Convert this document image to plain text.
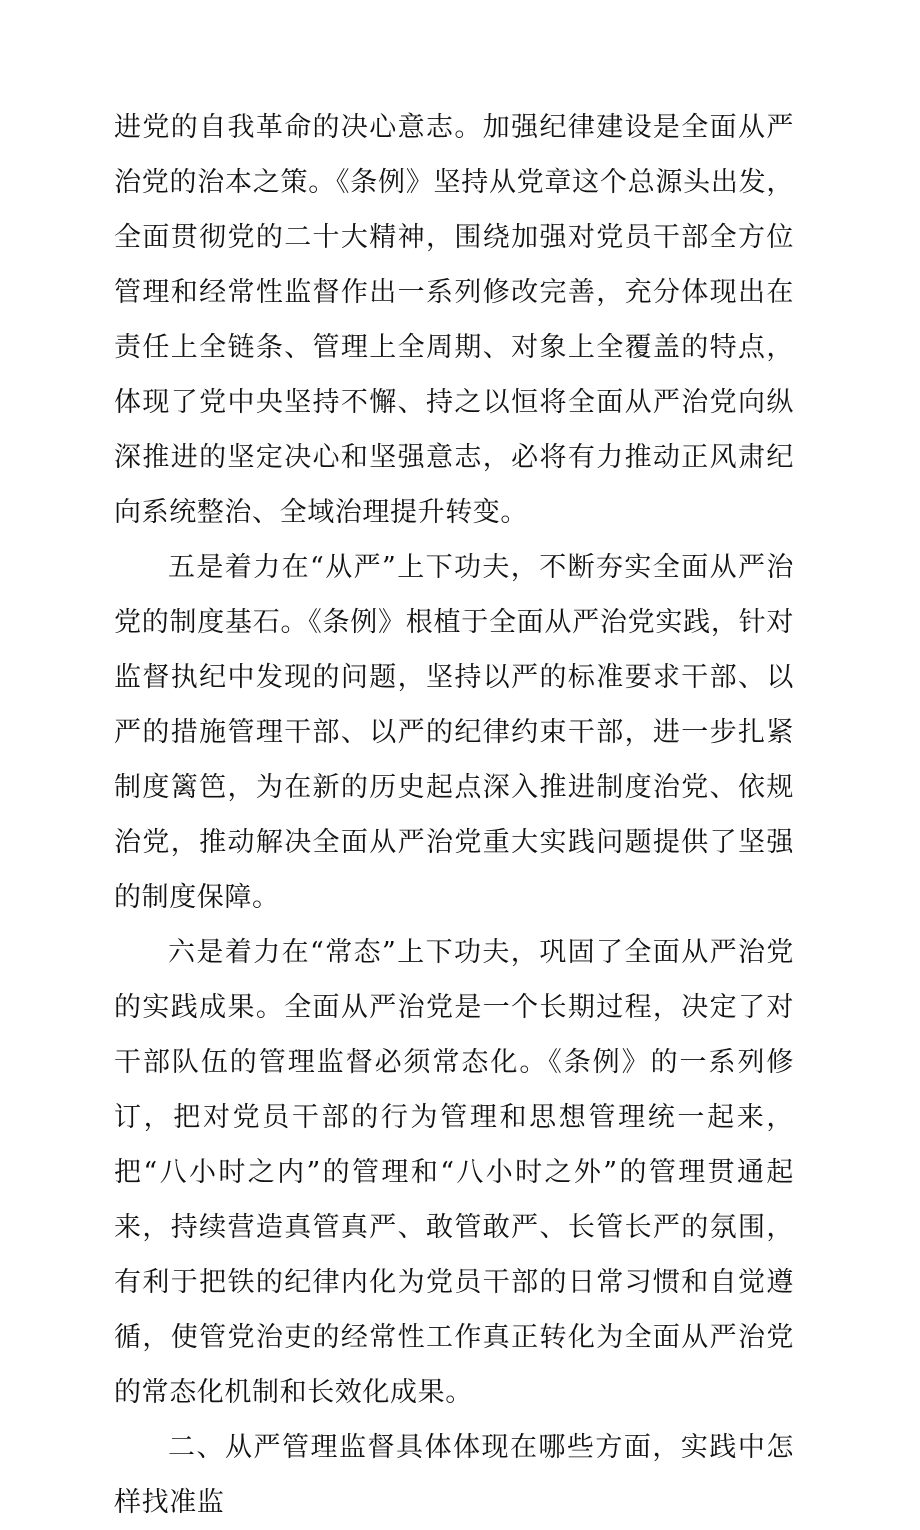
进党的自我革命的决心意志。加强纪律建设是全面从严治党的治本之策。《条例》坚持从党章这个总源头出发，全面贯彻党的二十大精神，围绕加强对党员干部全方位管理和经常性监督作出一系列修改完善，充分体现出在责任上全链条、管理上全周期、对象上全覆盖的特点，体现了党中央坚持不懈、持之以恒将全面从严治党向纵深推进的坚定决心和坚强意志，必将有力推动正风肃纪向系统整治、全域治理提升转变。

五是着力在“从严”上下功夫，不断夯实全面从严治党的制度基石。《条例》根植于全面从严治党实践，针对监督执纪中发现的问题，坚持以严的标准要求干部、以严的措施管理干部、以严的纪律约束干部，进一步扎紧制度篱笆，为在新的历史起点深入推进制度治党、依规治党，推动解决全面从严治党重大实践问题提供了坚强的制度保障。

六是着力在“常态”上下功夫，巩固了全面从严治党的实践成果。全面从严治党是一个长期过程，决定了对干部队伍的管理监督必须常态化。《条例》的一系列修订，把对党员干部的行为管理和思想管理统一起来，把“八小时之内”的管理和“八小时之外”的管理贯通起来，持续营造真管真严、敢管敢严、长管长严的氛围，有利于把铁的纪律内化为党员干部的日常习惯和自觉遵循，使管党治吏的经常性工作真正转化为全面从严治党的常态化机制和长效化成果。

二、从严管理监督具体体现在哪些方面，实践中怎样找准监
